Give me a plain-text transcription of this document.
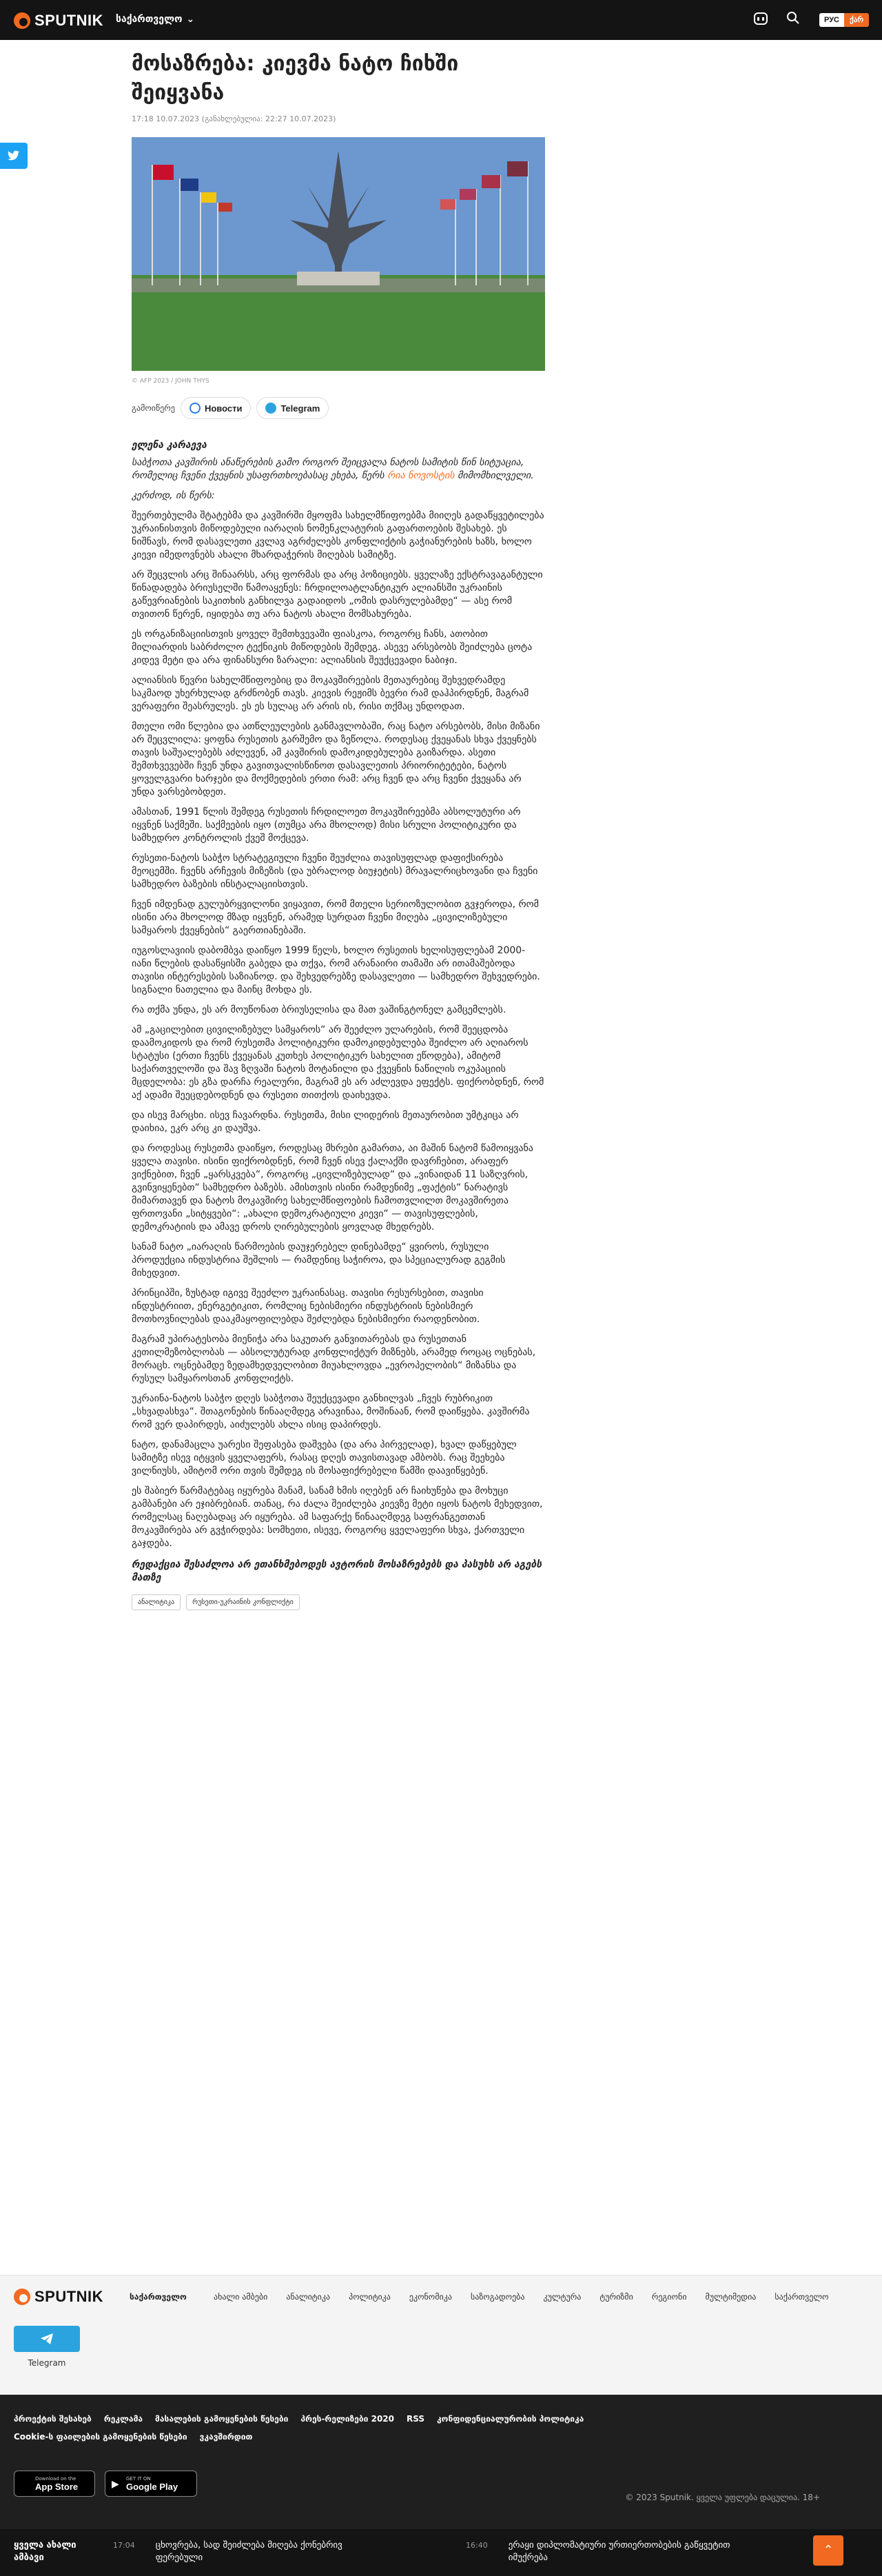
SPUTNIK საქართველო ⌄	РУС	ქარ
მოსაზრება: კიევმა ნატო ჩიხში შეიყვანა
17:18 10.07.2023 (განახლებულია: 22:27 10.07.2023)
© AFP 2023 / JOHN THYS
გამოიწერე	Новости	Telegram
ელენა კარაევა

საბჭოთა კავშირის ანაწერების გამო როგორ შეიცვალა ნატოს სამიტის წინ სიტუაცია, რომელიც ჩვენი ქვეყნის უსაფრთხოებასაც ეხება, წერს რია ნოვოსტის მიმომხილველი.

კერძოდ, ის წერს:

შეერთებულმა შტატებმა და კავშირში მყოფმა სახელმწიფოებმა მიიღეს გადაწყვეტილება უკრაინისთვის მიწოდებული იარაღის ნომენკლატურის გაფართოების შესახებ. ეს ნიშნავს, რომ დასავლეთი კვლავ აგრძელებს კონფლიქტის გაჭიანურების ხაზს, ხოლო კიევი იმედოვნებს ახალი მხარდაჭერის მიღებას სამიტზე.

არ შეცვლის არც შინაარსს, არც ფორმას და არც პოზიციებს. ყველაზე ექსტრავაგანტული წინადადება ბრიუსელში წამოაყენეს: ჩრდილოატლანტიკურ ალიანსში უკრაინის გაწევრიანების საკითხის განხილვა გადაიდოს „ომის დასრულებამდე“ — ასე რომ თვითონ წერენ, იყიდება თუ არა ნატოს ახალი მომსახურება.

ეს ორგანიზაციისთვის ყოველ შემთხვევაში ფიასკოა, როგორც ჩანს, ათობით მილიარდის საბრძოლო ტექნიკის მიწოდების შემდეგ. ასევე არსებობს შეიძლება ცოტა კიდევ მეტი და არა ფინანსური ზარალი: ალიანსის შეუქცევადი ნაბიჯი.

ალიანსის წევრი სახელმწიფოებიც და მოკავშირეების მეთაურებიც შეხვედრამდე საკმაოდ უხერხულად გრძნობენ თავს. კიევის რეჟიმს ბევრი რამ დაჰპირდნენ, მაგრამ ვერაფერი შეასრულეს. ეს ეს სულაც არ არის ის, რისი თქმაც უნდოდათ.

მთელი ომი წლებია და ათწლეულების განმავლობაში, რაც ნატო არსებობს, მისი მიზანი არ შეცვლილა: ყოფნა რუსეთის გარშემო და ზეწოლა. როდესაც ქვეყანას სხვა ქვეყნებს თავის საშუალებებს აძლევენ, ამ კავშირის დამოკიდებულება გაიზარდა. ასეთი შემთხვევებში ჩვენ უნდა გავითვალისწინოთ დასავლეთის პრიორიტეტები, ნატოს ყოველგვარი ხარჯები და მოქმედების ერთი რამ: არც ჩვენ და არც ჩვენი ქვეყანა არ უნდა ვარსებობდეთ.

ამასთან, 1991 წლის შემდეგ რუსეთის ჩრდილოეთ მოკავშირეებმა აბსოლუტური არ იყვნენ საქმეში. საქმეების იყო (თუმცა არა მხოლოდ) მისი სრული პოლიტიკური და სამხედრო კონტროლის ქვეშ მოქცევა.

რუსეთი-ნატოს საბჭო სტრატეგიული ჩვენი შეუძლია თავისუფლად დაფიქსირება მეოცემში. ჩვენს არჩევის მიზეზის (და უბრალოდ ბიუჯეტის) მრავალრიცხოვანი და ჩვენი სამხედრო ბაზების ინსტალაციისთვის.

ჩვენ იმდენად გულუბრყვილონი ვიყავით, რომ მთელი სერიოზულობით გვჯეროდა, რომ ისინი არა მხოლოდ მზად იყვნენ, არამედ სურდათ ჩვენი მიღება „ცივილიზებული სამყაროს ქვეყნების“ გაერთიანებაში.

იუგოსლავიის დაბომბვა დაიწყო 1999 წელს, ხოლო რუსეთის ხელისუფლებამ 2000-იანი წლების დასაწყისში გაბედა და თქვა, რომ არანაირი თამაში არ ითამაშებოდა თავისი ინტერესების საზიანოდ. და შეხვედრებზე დასავლეთი — სამხედრო შეხვედრები. სიგნალი ნათელია და მაინც მოხდა ეს.

რა თქმა უნდა, ეს არ მოუწონათ ბრიუსელისა და მათ ვაშინგტონელ გამცემლებს.

ამ „გაცილებით ცივილიზებულ სამყაროს“ არ შეეძლო ულარების, რომ შეეცდობა დაამოკიდოს და რომ რუსეთმა პოლიტიკური დამოკიდებულება შეიძლო არ აღიაროს სტატუსი (ერთი ჩვენს ქვეყანას კუთხეს პოლიტიკურ სახელით ეწოდება), ამიტომ საქართველოში და შავ ზღვაში ნატოს მოტანილი და ქვეყნის ნაწილის ოკუპაციის მცდელობა: ეს გზა დარჩა რეალური, მაგრამ ეს არ აძლევდა ეფექტს. ფიქრობდნენ, რომ აქ ადამი შეეცდებოდნენ და რუსეთი თითქოს დაიხევდა.

და ისევ მარცხი. ისევ ჩავარდნა. რუსეთმა, მისი ლიდერის მეთაურობით უმტკიცა არ დაიხია, ეკრ არც კი დაუშვა.

და როდესაც რუსეთმა დაიწყო, როდესაც მხრები გამართა, აი მაშინ ნატომ წამოიყვანა ყველა თავისი. ისინი ფიქრობდნენ, რომ ჩვენ ისევ ქალაქში დავრჩებით, არაფერ ვიქნებით, ჩვენ „ყარსკვება“, როგორც „ცივლიზებულად“ და „ვინაიდან 11 საზღვრის, გვინვიყენებთ“ სამხედრო ბაზებს. ამისთვის ისინი რამდენიმე „ფაქტის“ ნარატივს მიმართავენ და ნატოს მოკავშირე სახელმწიფოების ჩამოთვლილთ მოკავშირეთა ფრთოვანი „სიტყვები“: „ახალი დემოკრატიული კიევი“ — თავისუფლების, დემოკრატიის და ამავე დროს ღირებულების ყოვლად მხედრებს.

სანამ ნატო „იარაღის წარმოების დაუჯერებელ დინებამდე“ ყვიროს, რუსული პროდუქცია ინდუსტრია შეშლის — რამდენიც საჭიროა, და სპეციალურად გეგმის მიხედვით.

პრინციპში, ზუსტად იგივე შეეძლო უკრაინასაც. თავისი რესურსებით, თავისი ინდუსტრიით, ენერგეტიკით, რომლიც ნებისმიერი ინდუსტრიის ნებისმიერ მოთხოვნილებას დააკმაყოფილებდა შეძლებდა ნებისმიერი რაოდენობით.

მაგრამ უპირატესობა მიენიჭა არა საკუთარ განვითარებას და რუსეთთან კეთილმეზობლობას — აბსოლუტურად კონფლიქტურ მიზნებს, არამედ როცაც ოცნებას, მორაცხ. ოცნებამდე ზედამხედველობით მიუახლოვდა „ევროპელობის“ მიზანსა და რუსულ სამყაროსთან კონფლიქტს.

უკრაინა-ნატოს საბჭო დღეს საბჭოთა შეუქცევადი განხილვას „ჩვეს რუბრიკით „სხვადასხვა“. შთაგონების წინააღმდეგ არავინაა, მოშინაან, რომ დაიწყება. კავშირმა რომ ვერ დაპირდეს, აიძულებს ახლა ისიც დაპირდეს.

ნატო, დანამაცლა უარესი შეფასება დაშვება (და არა პირველად), ხვალ დაწყებულ სამიტზე ისევ იტყვის ყველაფერს, რასაც დღეს თავისთავად ამბობს. რაც შეეხება ვილნიუსს, ამიტომ ორი თვის შემდეგ ის მოსაფიქრებელი წამში დაავიწყებენ.

ეს შაბიერ წარმატებაც იყურება მანამ, სანამ ხმის იღებენ არ ჩაიხუწება და მოხუცი გამბანები არ ეჯიბრებიან. თანაც, რა ძალა შეიძლება კიევზე მეტი იყოს ნატოს მეხედვით, რომელსაც ნაღებადაც არ იყურება. ამ საფარქე წინააღმდეგ საფრანგეთთან მოკავშირება არ გვჭირდება: სომხეთი, ისევე, როგორც ყველაფერი სხვა, ქართველი გაჯდება.

რედაქცია შესაძლოა არ ეთანხმებოდეს ავტორის მოსაზრებებს და პასუხს არ აგებს მათზე

ანალიტიკა	რუსეთი-უკრაინის კონფლიქტი
SPUTNIK	საქართველო	ახალი ამბები ანალიტიკა პოლიტიკა ეკონომიკა საზოგადოება კულტურა ტურიზმი რეგიონი მულტიმედია საქართველო
Telegram
პროექტის შესახებ რეკლამა მასალების გამოყენების წესები პრეს-რელიზები 2020 RSS კონფიდენციალურობის პოლიტიკა
Cookie-ს ფაილების გამოყენების წესები ვკავშირდით
Download on the
App Store	▶
GET IT ON
Google Play
© 2023 Sputnik. ყველა უფლება დაცულია. 18+
ყველა ახალი ამბავი
17:04 ცხოვრება, სად შეიძლება მიღება ქონებრივ ფერებული
16:40 ერაყი დიპლომატიური ურთიერთობების გაწყვეტით იმუქრება
⌃
